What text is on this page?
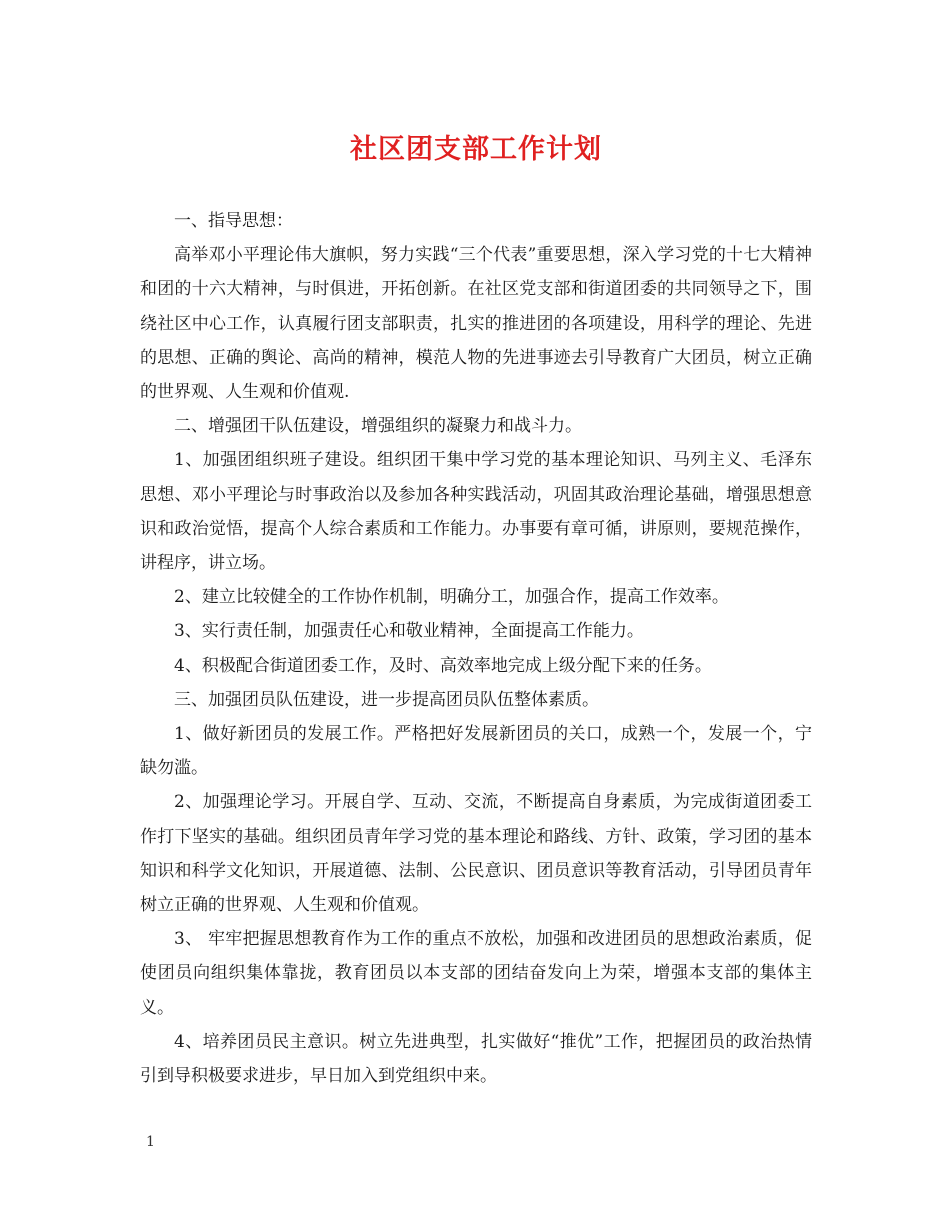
社区团支部工作计划

一、指导思想：

高举邓小平理论伟大旗帜，努力实践“三个代表”重要思想，深入学习党的十七大精神和团的十六大精神，与时俱进，开拓创新。在社区党支部和街道团委的共同领导之下，围绕社区中心工作，认真履行团支部职责，扎实的推进团的各项建设，用科学的理论、先进的思想、正确的舆论、高尚的精神，模范人物的先进事迹去引导教育广大团员，树立正确的世界观、人生观和价值观.

二、增强团干队伍建设，增强组织的凝聚力和战斗力。

1、加强团组织班子建设。组织团干集中学习党的基本理论知识、马列主义、毛泽东思想、邓小平理论与时事政治以及参加各种实践活动，巩固其政治理论基础，增强思想意识和政治觉悟，提高个人综合素质和工作能力。办事要有章可循，讲原则，要规范操作，讲程序，讲立场。

2、建立比较健全的工作协作机制，明确分工，加强合作，提高工作效率。

3、实行责任制，加强责任心和敬业精神，全面提高工作能力。

4、积极配合街道团委工作，及时、高效率地完成上级分配下来的任务。

三、加强团员队伍建设，进一步提高团员队伍整体素质。

1、做好新团员的发展工作。严格把好发展新团员的关口，成熟一个，发展一个，宁缺勿滥。

2、加强理论学习。开展自学、互动、交流，不断提高自身素质，为完成街道团委工作打下坚实的基础。组织团员青年学习党的基本理论和路线、方针、政策，学习团的基本知识和科学文化知识，开展道德、法制、公民意识、团员意识等教育活动，引导团员青年树立正确的世界观、人生观和价值观。

3、 牢牢把握思想教育作为工作的重点不放松，加强和改进团员的思想政治素质，促使团员向组织集体靠拢，教育团员以本支部的团结奋发向上为荣，增强本支部的集体主义。

4、培养团员民主意识。树立先进典型，扎实做好“推优”工作，把握团员的政治热情引到导积极要求进步，早日加入到党组织中来。

1
